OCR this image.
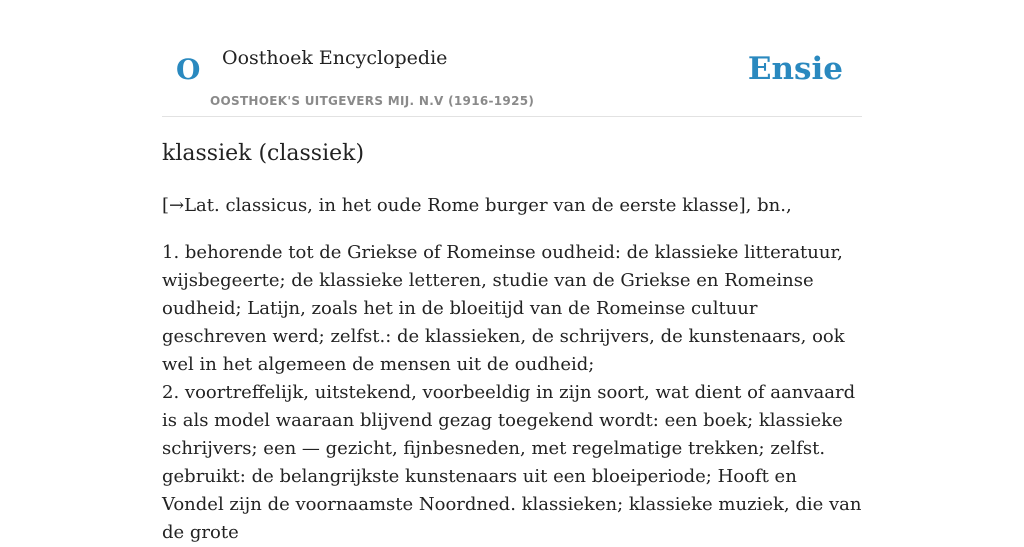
O Oosthoek Encyclopedie
OOSTHOEK'S UITGEVERS MIJ. N.V (1916-1925)
Ensie
klassiek (classiek)

[→Lat. classicus, in het oude Rome burger van de eerste klasse], bn.,

1. behorende tot de Griekse of Romeinse oudheid: de klassieke litteratuur, wijsbegeerte; de klassieke letteren, studie van de Griekse en Romeinse oudheid; Latijn, zoals het in de bloeitijd van de Romeinse cultuur geschreven werd; zelfst.: de klassieken, de schrijvers, de kunstenaars, ook wel in het algemeen de mensen uit de oudheid;

2. voortreffelijk, uitstekend, voorbeeldig in zijn soort, wat dient of aanvaard is als model waaraan blijvend gezag toegekend wordt: een boek; klassieke schrijvers; een — gezicht, fijnbesneden, met regelmatige trekken; zelfst. gebruikt: de belangrijkste kunstenaars uit een bloeiperiode; Hooft en Vondel zijn de voornaamste Noordned. klassieken; klassieke muziek, die van de grote
